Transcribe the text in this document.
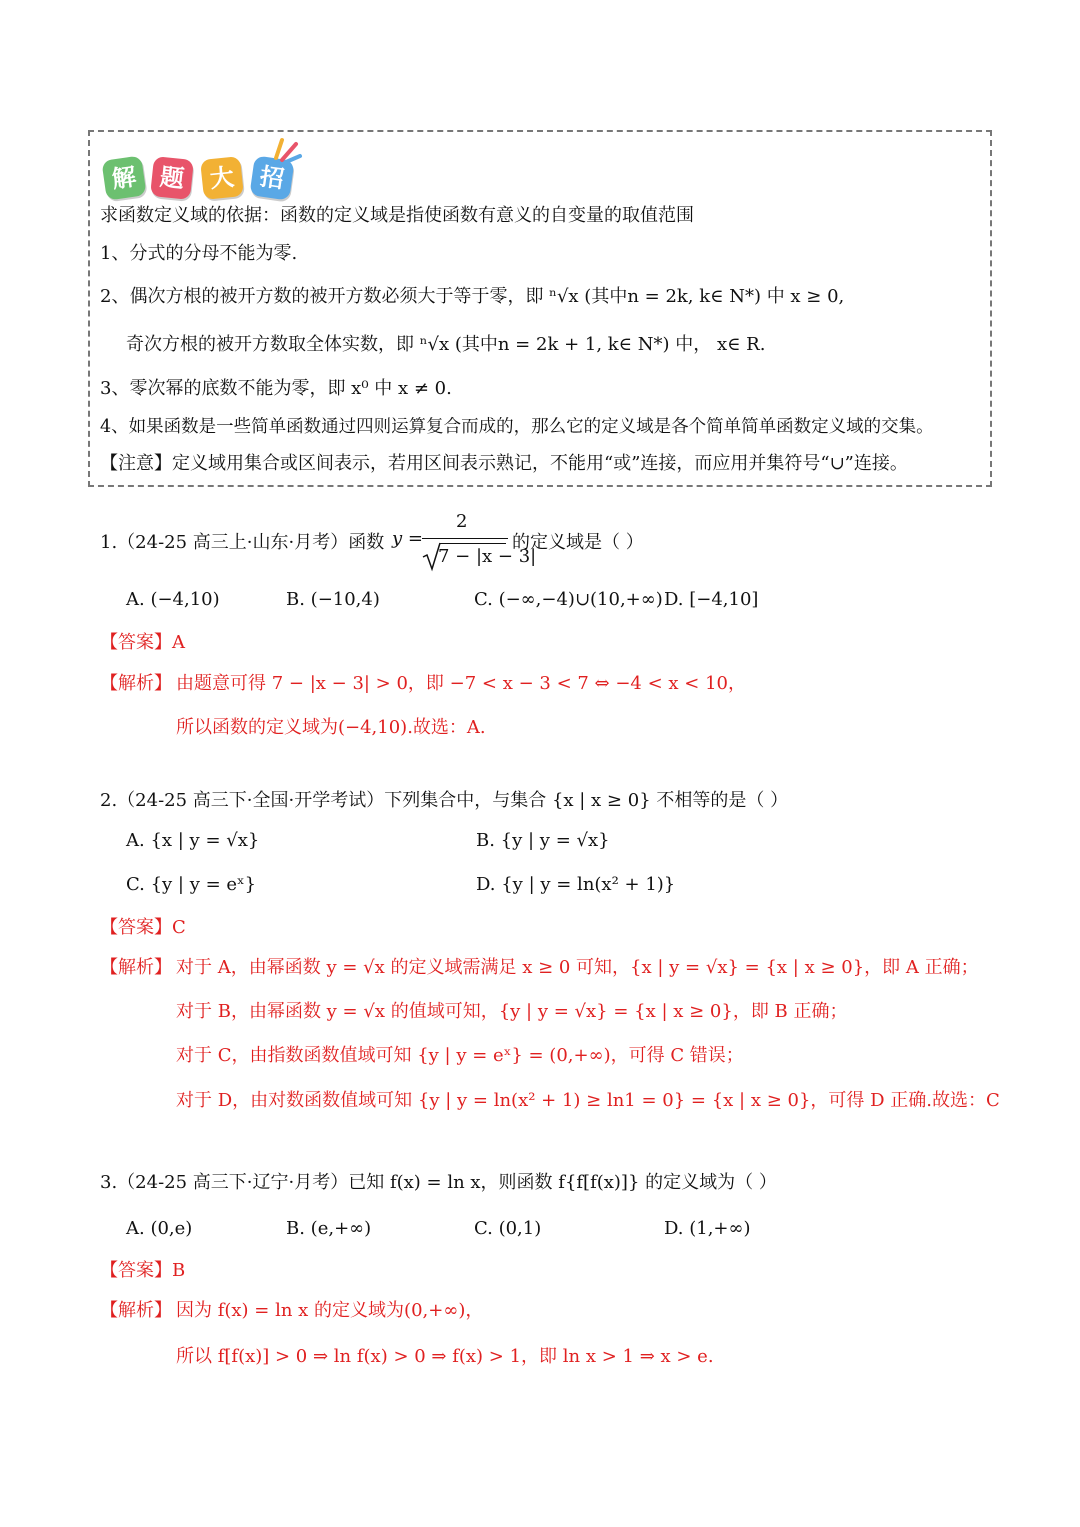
解 题 大 招
求函数定义域的依据：函数的定义域是指使函数有意义的自变量的取值范围
1、分式的分母不能为零.
2、偶次方根的被开方数的被开方数必须大于等于零，即 ⁿ√x (其中n = 2k, k∈ N*) 中 x ≥ 0,
奇次方根的被开方数取全体实数，即 ⁿ√x (其中n = 2k + 1, k∈ N*) 中， x∈ R.
3、零次幂的底数不能为零，即 x⁰ 中 x ≠ 0.
4、如果函数是一些简单函数通过四则运算复合而成的，那么它的定义域是各个简单简单函数定义域的交集。
【注意】定义域用集合或区间表示，若用区间表示熟记，不能用“或”连接，而应用并集符号“∪”连接。
1.（24-25 高三上·山东·月考）函数 y =
2
7 − |x − 3|
的定义域是（ ）
A. (−4,10)	B. (−10,4)	C. (−∞,−4)∪(10,+∞) D. [−4,10]
【答案】A
【解析】 由题意可得 7 − |x − 3| > 0，即 −7 < x − 3 < 7 ⇔ −4 < x < 10，
所以函数的定义域为(−4,10).故选：A.
2.（24-25 高三下·全国·开学考试）下列集合中，与集合 {x | x ≥ 0} 不相等的是（ ）
A. {x | y = √x}	B. {y | y = √x}
C. {y | y = eˣ}	D. {y | y = ln(x² + 1)}
【答案】C
【解析】 对于 A，由幂函数 y = √x 的定义域需满足 x ≥ 0 可知，{x | y = √x} = {x | x ≥ 0}，即 A 正确；
对于 B，由幂函数 y = √x 的值域可知，{y | y = √x} = {x | x ≥ 0}，即 B 正确；
对于 C，由指数函数值域可知 {y | y = eˣ} = (0,+∞)，可得 C 错误；
对于 D，由对数函数值域可知 {y | y = ln(x² + 1) ≥ ln1 = 0} = {x | x ≥ 0}，可得 D 正确.故选：C
3.（24-25 高三下·辽宁·月考）已知 f(x) = ln x，则函数 f{f[f(x)]} 的定义域为（ ）
A. (0,e)	B. (e,+∞)	C. (0,1)	D. (1,+∞)
【答案】B
【解析】 因为 f(x) = ln x 的定义域为(0,+∞)，
所以 f[f(x)] > 0 ⇒ ln f(x) > 0 ⇒ f(x) > 1，即 ln x > 1 ⇒ x > e.
